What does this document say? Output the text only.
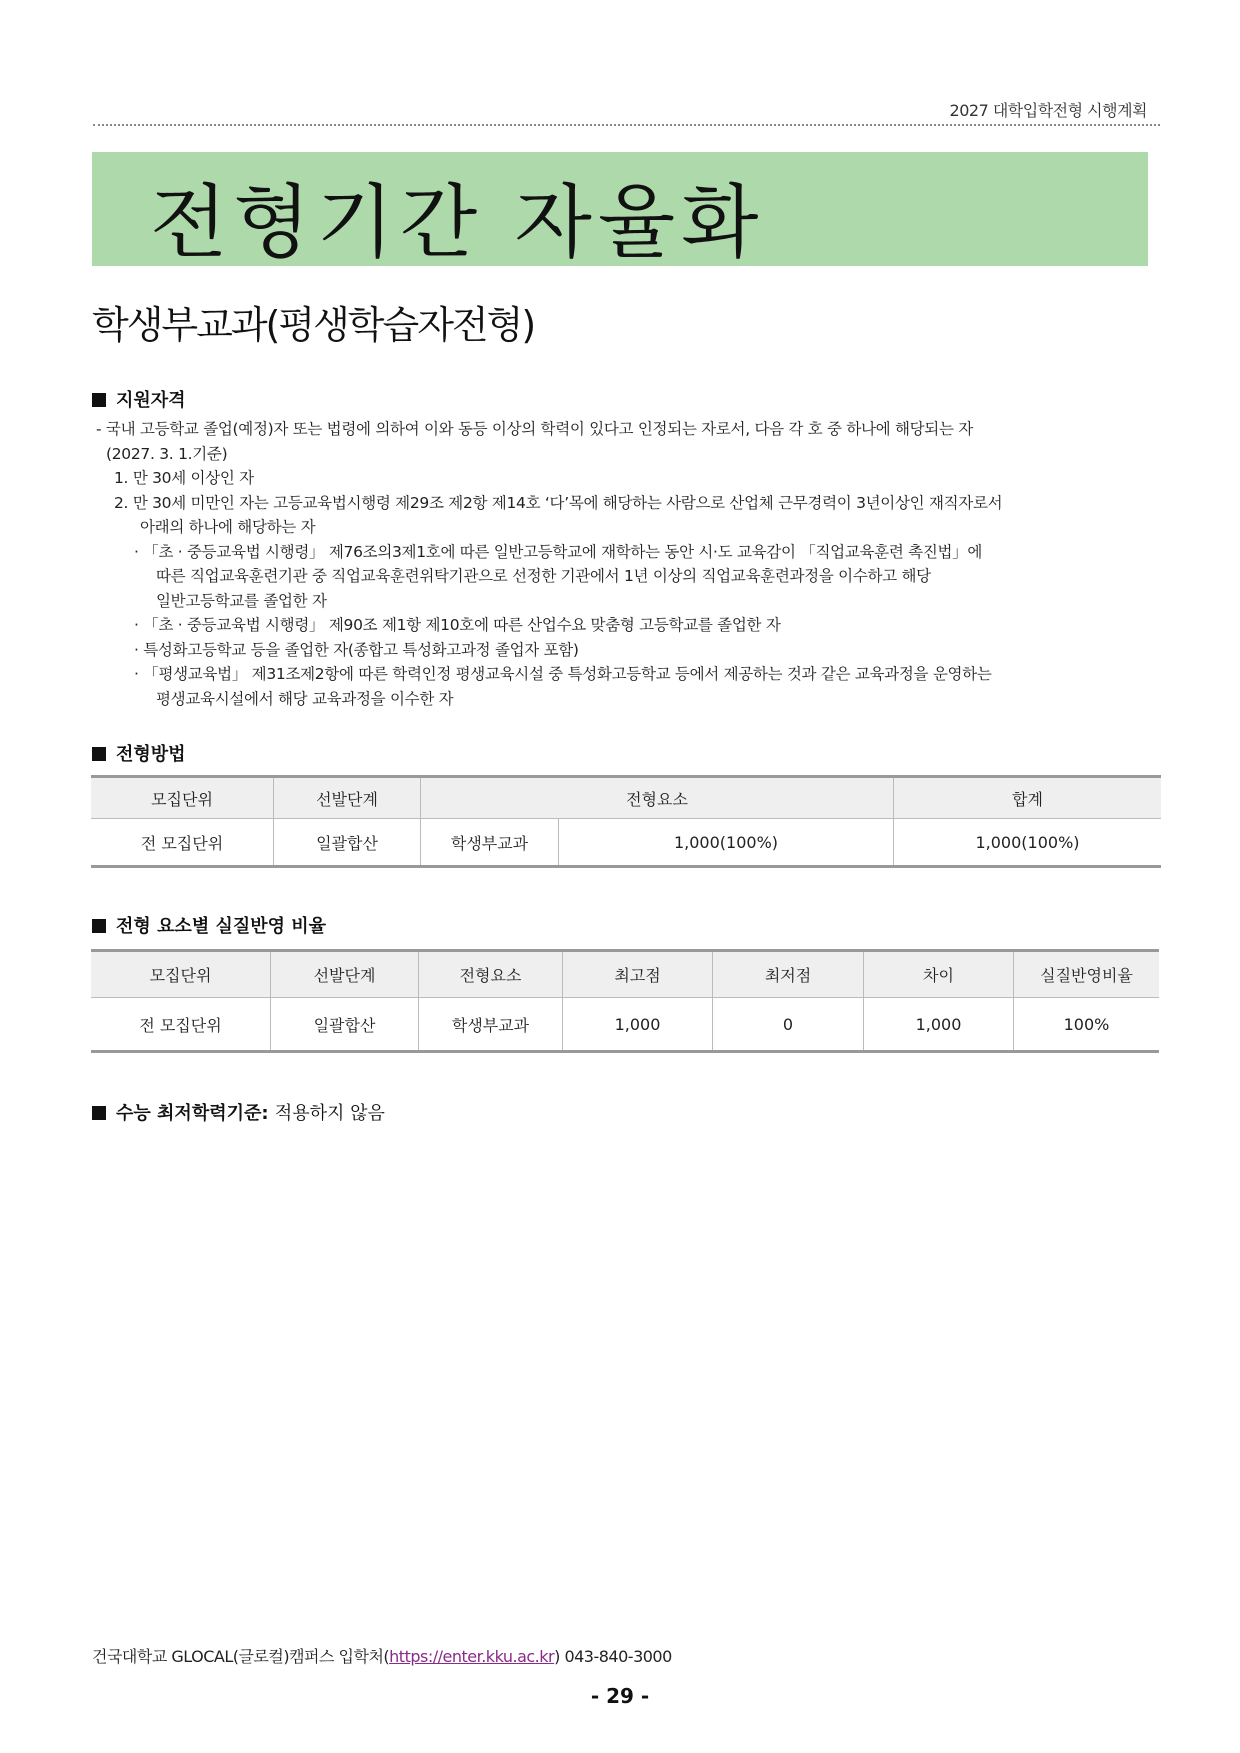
2027 대학입학전형 시행계획
전형기간 자율화
학생부교과(평생학습자전형)
지원자격
- 국내 고등학교 졸업(예정)자 또는 법령에 의하여 이와 동등 이상의 학력이 있다고 인정되는 자로서, 다음 각 호 중 하나에 해당되는 자
(2027. 3. 1.기준)
1. 만 30세 이상인 자
2. 만 30세 미만인 자는 고등교육법시행령 제29조 제2항 제14호 ‘다’목에 해당하는 사람으로 산업체 근무경력이 3년이상인 재직자로서
아래의 하나에 해당하는 자
· 「초 · 중등교육법 시행령」 제76조의3제1호에 따른 일반고등학교에 재학하는 동안 시·도 교육감이 「직업교육훈련 촉진법」에
따른 직업교육훈련기관 중 직업교육훈련위탁기관으로 선정한 기관에서 1년 이상의 직업교육훈련과정을 이수하고 해당
일반고등학교를 졸업한 자
· 「초 · 중등교육법 시행령」 제90조 제1항 제10호에 따른 산업수요 맞춤형 고등학교를 졸업한 자
· 특성화고등학교 등을 졸업한 자(종합고 특성화고과정 졸업자 포함)
· 「평생교육법」 제31조제2항에 따른 학력인정 평생교육시설 중 특성화고등학교 등에서 제공하는 것과 같은 교육과정을 운영하는
평생교육시설에서 해당 교육과정을 이수한 자
전형방법
모집단위	선발단계	전형요소		합계
전 모집단위	일괄합산	학생부교과	1,000(100%)	1,000(100%)
전형 요소별 실질반영 비율
모집단위	선발단계	전형요소	최고점	최저점	차이	실질반영비율
전 모집단위	일괄합산	학생부교과	1,000	0	1,000	100%
수능 최저학력기준: 적용하지 않음
건국대학교 GLOCAL(글로컬)캠퍼스 입학처(https://enter.kku.ac.kr) 043-840-3000
- 29 -
